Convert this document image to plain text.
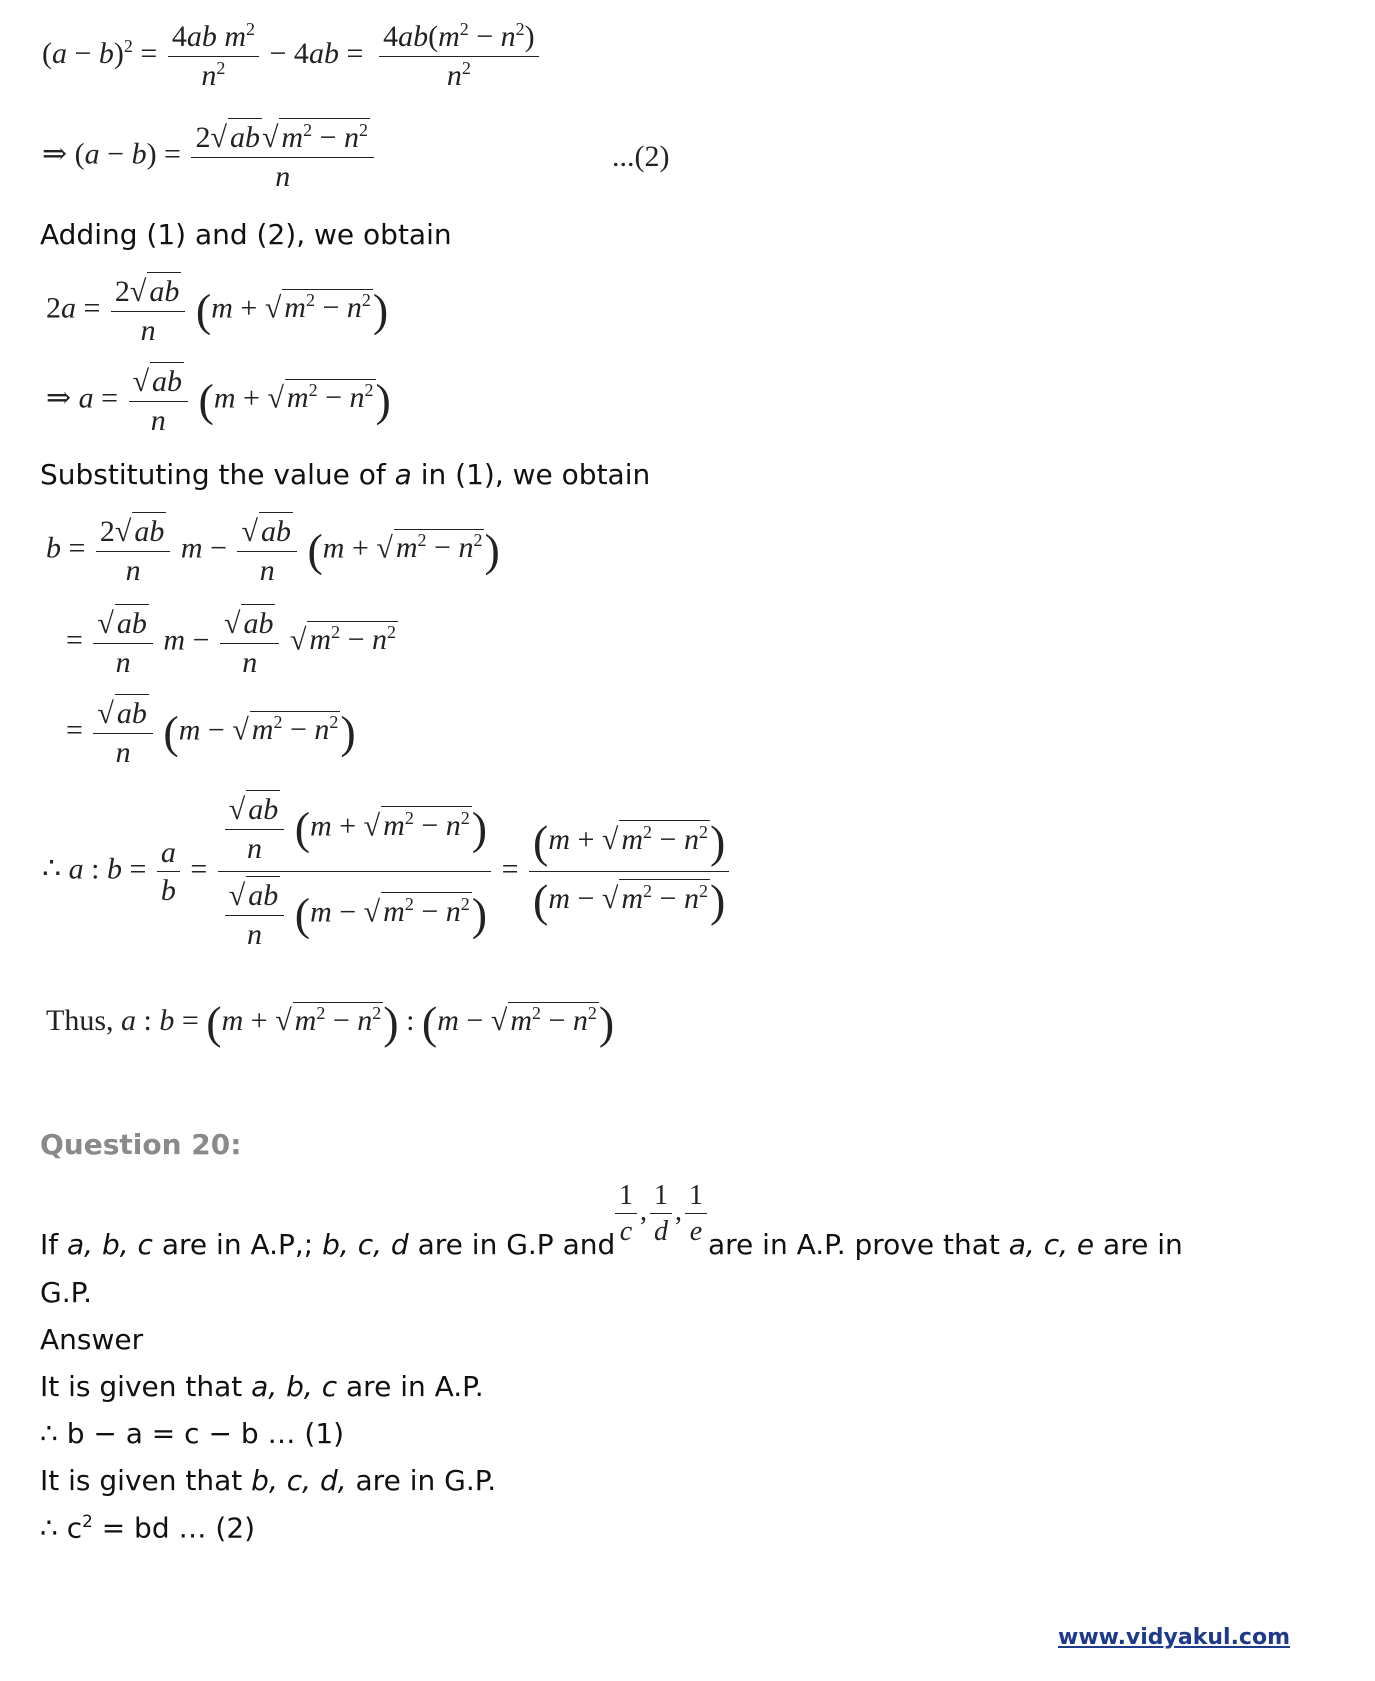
$(a - b)^2 = \frac{4ab m^2}{n^2} - 4ab = \frac{4ab(m^2 - n^2)}{n^2}$
⇒ $(a - b) = \frac{2√ ab√ m^2 - n^2}{n}$	...(2)
Adding (1) and (2), we obtain
$2a = \frac{2√ ab}{n} (m$ + √ $m^2 - n^2$)
⇒ $a = \frac{√ ab}{n} (m$ + √ $m^2 - n^2$)
Substituting the value of a in (1), we obtain
$b = \frac{2√ ab}{n}$ $m - \frac{√ ab}{n} (m$ + √ $m^2 - n^2$)
= $\frac{√ ab}{n}$ $m - \frac{√ ab}{n}$ √ $m^2 - n^2$
= $\frac{√ ab}{n} (m$ − √ $m^2 - n^2$)
∴ a : $b = \frac{a}{b} = \frac{\frac{√ ab}{n} (m + √ m^2 - n^2)}{\frac{√ ab}{n} (m - √ m^2 - n^2)} = \frac{(m + √ m^2 - n^2)}{(m - √ m^2 - n^2)}$
Thus, a : b = (m + √ $m^2 - n^2$) : (m − √ $m^2 - n^2$)
Question 20:
If a, b, c are in A.P,; b, c, d are in G.P and $\frac{1}{c}$ , $\frac{1}{d}$ , $\frac{1}{e}$ are in A.P. prove that a, c, e are in
G.P.
Answer
It is given that a, b, c are in A.P.
∴ b − a = c − b … (1)
It is given that b, c, d, are in G.P.
∴ $c^2$ = bd … (2)
www.vidyakul.com
